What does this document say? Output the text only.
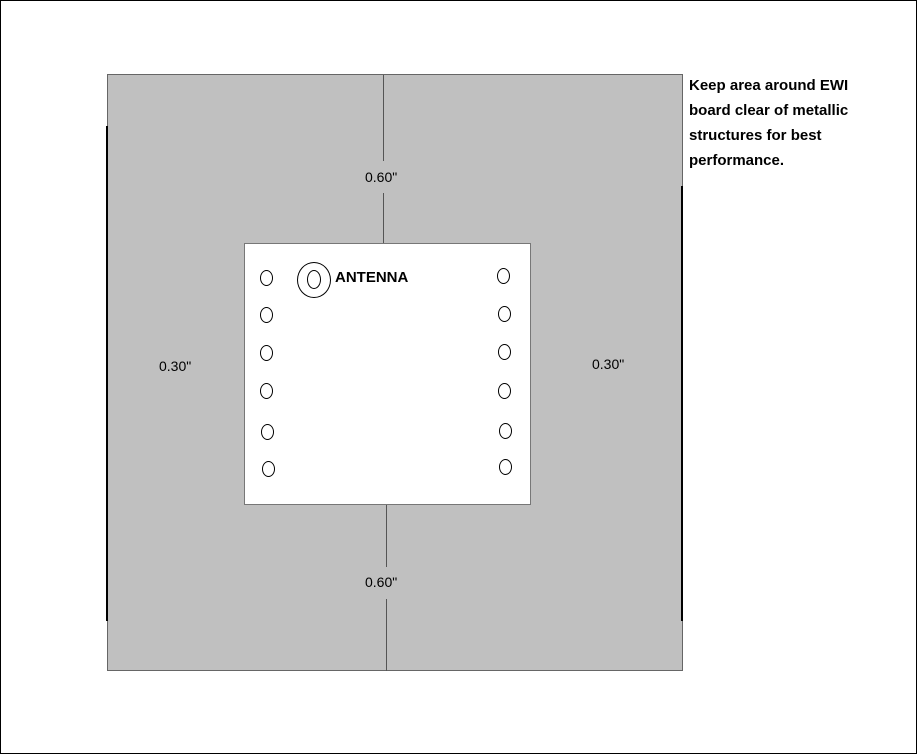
0.60"
0.60"
0.30"	0.30"
ANTENNA
Keep area around EWI
board clear of metallic
structures for best
performance.
